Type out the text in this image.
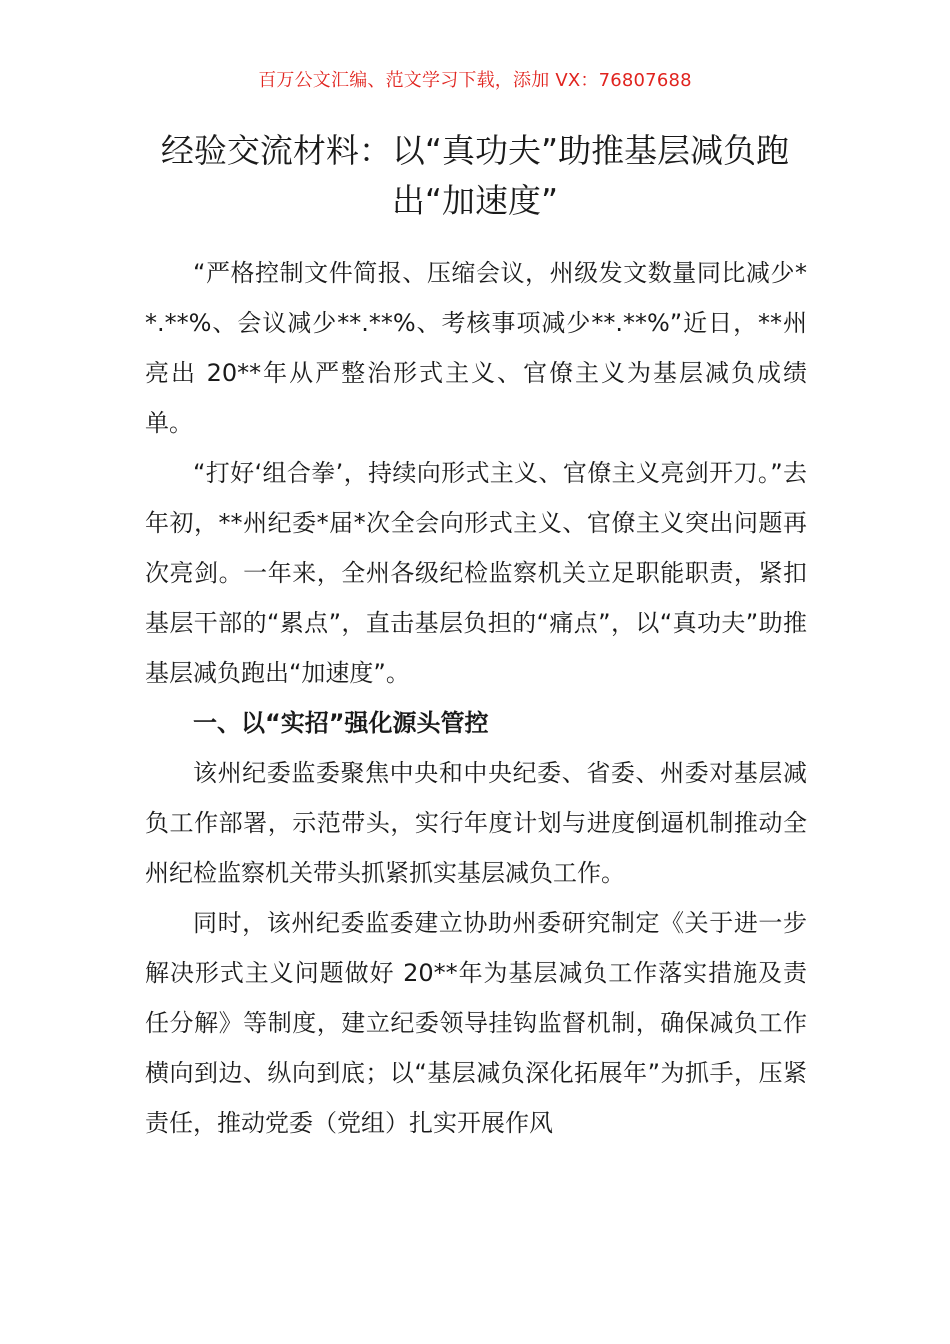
百万公文汇编、范文学习下载，添加 VX：76807688
经验交流材料：以“真功夫”助推基层减负跑出“加速度”

“严格控制文件简报、压缩会议，州级发文数量同比减少**.**%、会议减少**.**%、考核事项减少**.**%”近日，**州亮出 20**年从严整治形式主义、官僚主义为基层减负成绩单。

“打好‘组合拳’，持续向形式主义、官僚主义亮剑开刀。”去年初，**州纪委*届*次全会向形式主义、官僚主义突出问题再次亮剑。一年来，全州各级纪检监察机关立足职能职责，紧扣基层干部的“累点”，直击基层负担的“痛点”，以“真功夫”助推基层减负跑出“加速度”。

一、以“实招”强化源头管控

该州纪委监委聚焦中央和中央纪委、省委、州委对基层减负工作部署，示范带头，实行年度计划与进度倒逼机制推动全州纪检监察机关带头抓紧抓实基层减负工作。

同时，该州纪委监委建立协助州委研究制定《关于进一步解决形式主义问题做好 20**年为基层减负工作落实措施及责任分解》等制度，建立纪委领导挂钩监督机制，确保减负工作横向到边、纵向到底；以“基层减负深化拓展年”为抓手，压紧责任，推动党委（党组）扎实开展作风
